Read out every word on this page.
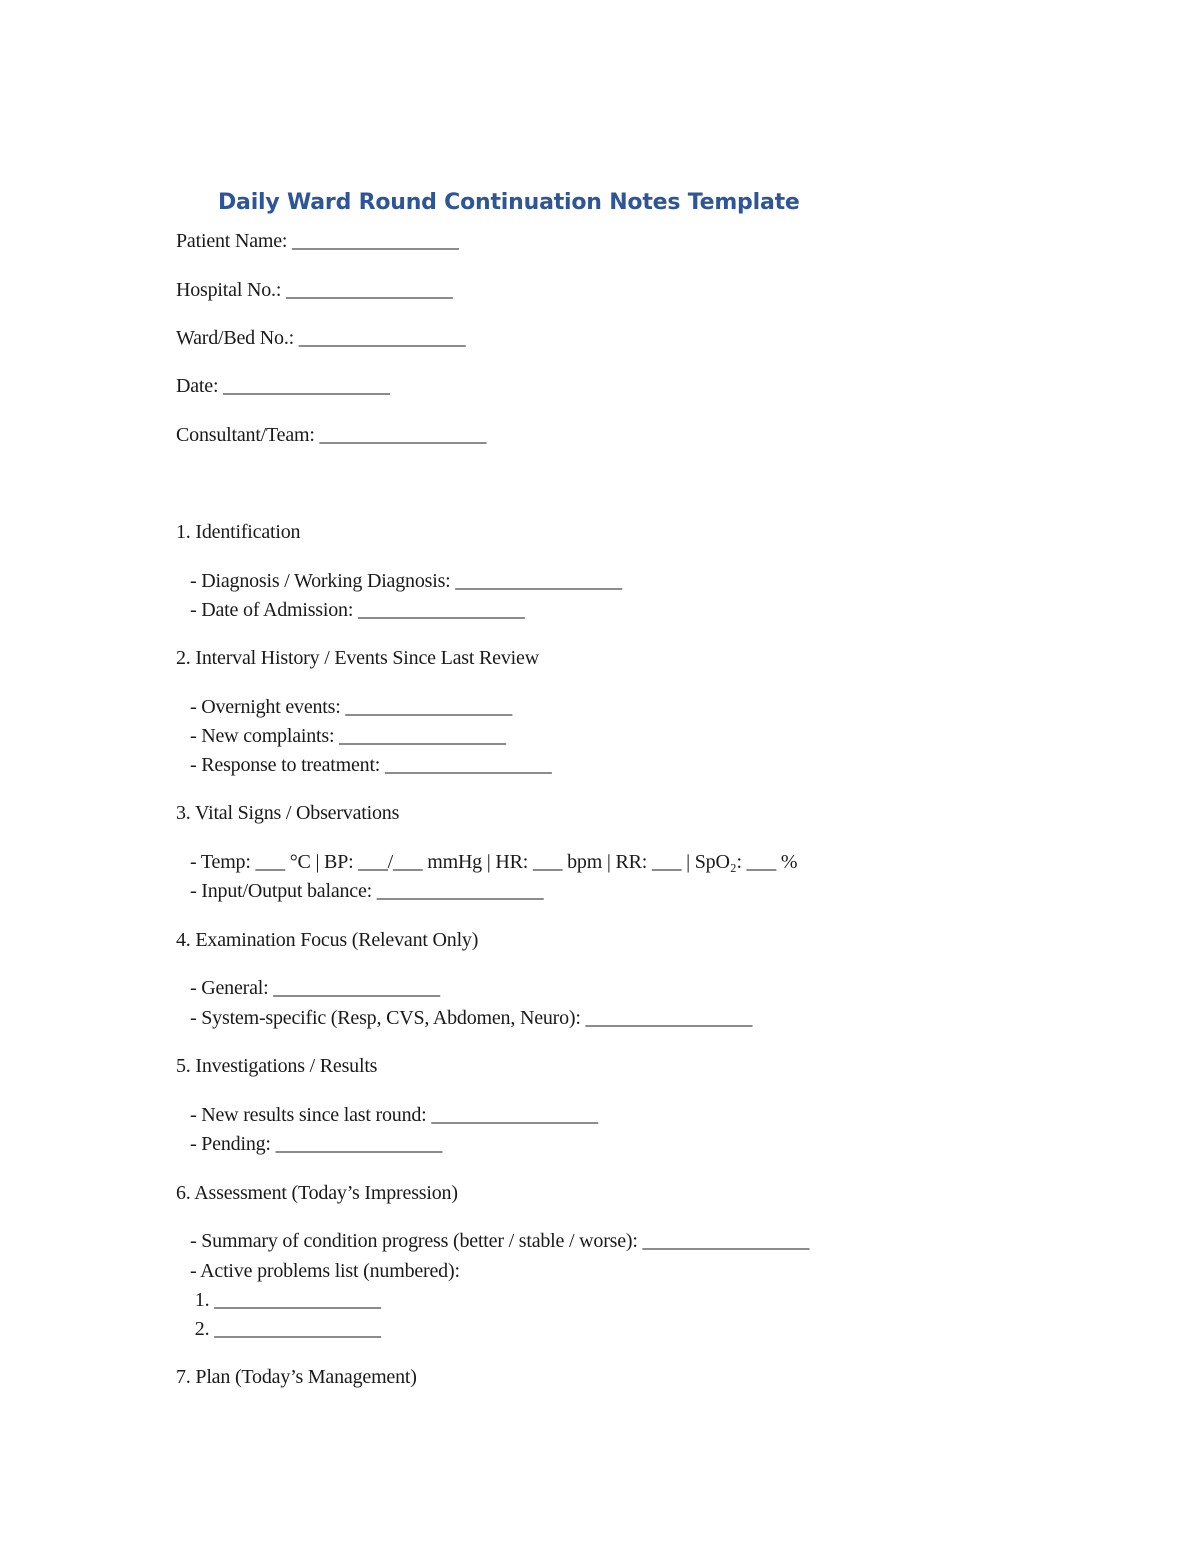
Daily Ward Round Continuation Notes Template
Patient Name: _________________
Hospital No.: _________________
Ward/Bed No.: _________________
Date: _________________
Consultant/Team: _________________
1. Identification
- Diagnosis / Working Diagnosis: _________________
- Date of Admission: _________________
2. Interval History / Events Since Last Review
- Overnight events: _________________
- New complaints: _________________
- Response to treatment: _________________
3. Vital Signs / Observations
- Temp: ___ °C | BP: ___/___ mmHg | HR: ___ bpm | RR: ___ | SpO₂: ___ %
- Input/Output balance: _________________
4. Examination Focus (Relevant Only)
- General: _________________
- System-specific (Resp, CVS, Abdomen, Neuro): _________________
5. Investigations / Results
- New results since last round: _________________
- Pending: _________________
6. Assessment (Today’s Impression)
- Summary of condition progress (better / stable / worse): _________________
- Active problems list (numbered):
1. _________________
2. _________________
7. Plan (Today’s Management)
